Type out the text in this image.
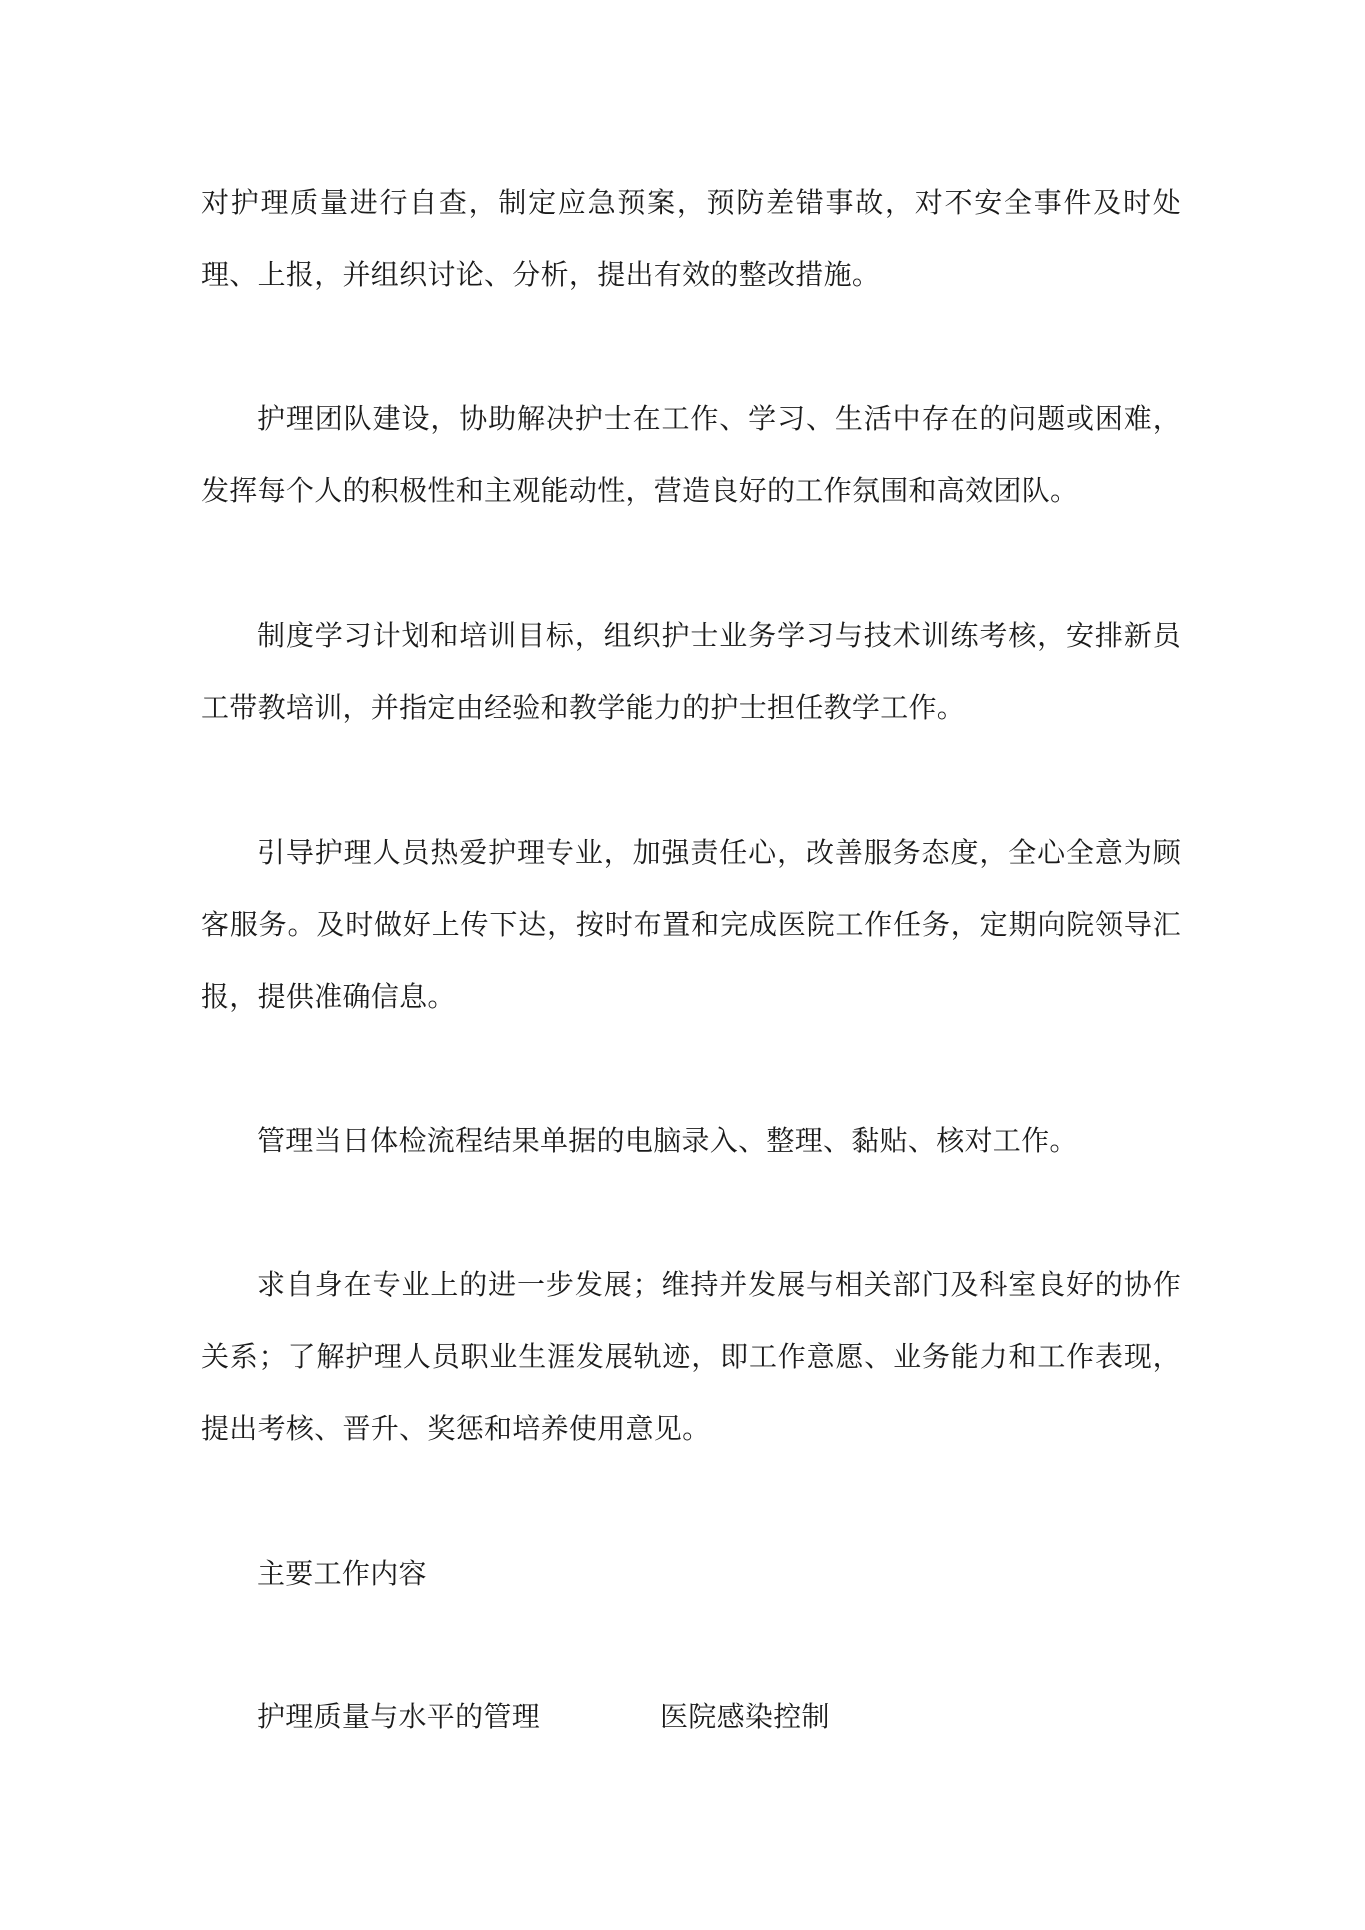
对护理质量进行自查，制定应急预案，预防差错事故，对不安全事件及时处理、上报，并组织讨论、分析，提出有效的整改措施。

护理团队建设，协助解决护士在工作、学习、生活中存在的问题或困难，发挥每个人的积极性和主观能动性，营造良好的工作氛围和高效团队。

制度学习计划和培训目标，组织护士业务学习与技术训练考核，安排新员工带教培训，并指定由经验和教学能力的护士担任教学工作。

引导护理人员热爱护理专业，加强责任心，改善服务态度，全心全意为顾客服务。及时做好上传下达，按时布置和完成医院工作任务，定期向院领导汇报，提供准确信息。

管理当日体检流程结果单据的电脑录入、整理、黏贴、核对工作。

求自身在专业上的进一步发展；维持并发展与相关部门及科室良好的协作关系；了解护理人员职业生涯发展轨迹，即工作意愿、业务能力和工作表现，提出考核、晋升、奖惩和培养使用意见。

主要工作内容

护理质量与水平的管理	医院感染控制
